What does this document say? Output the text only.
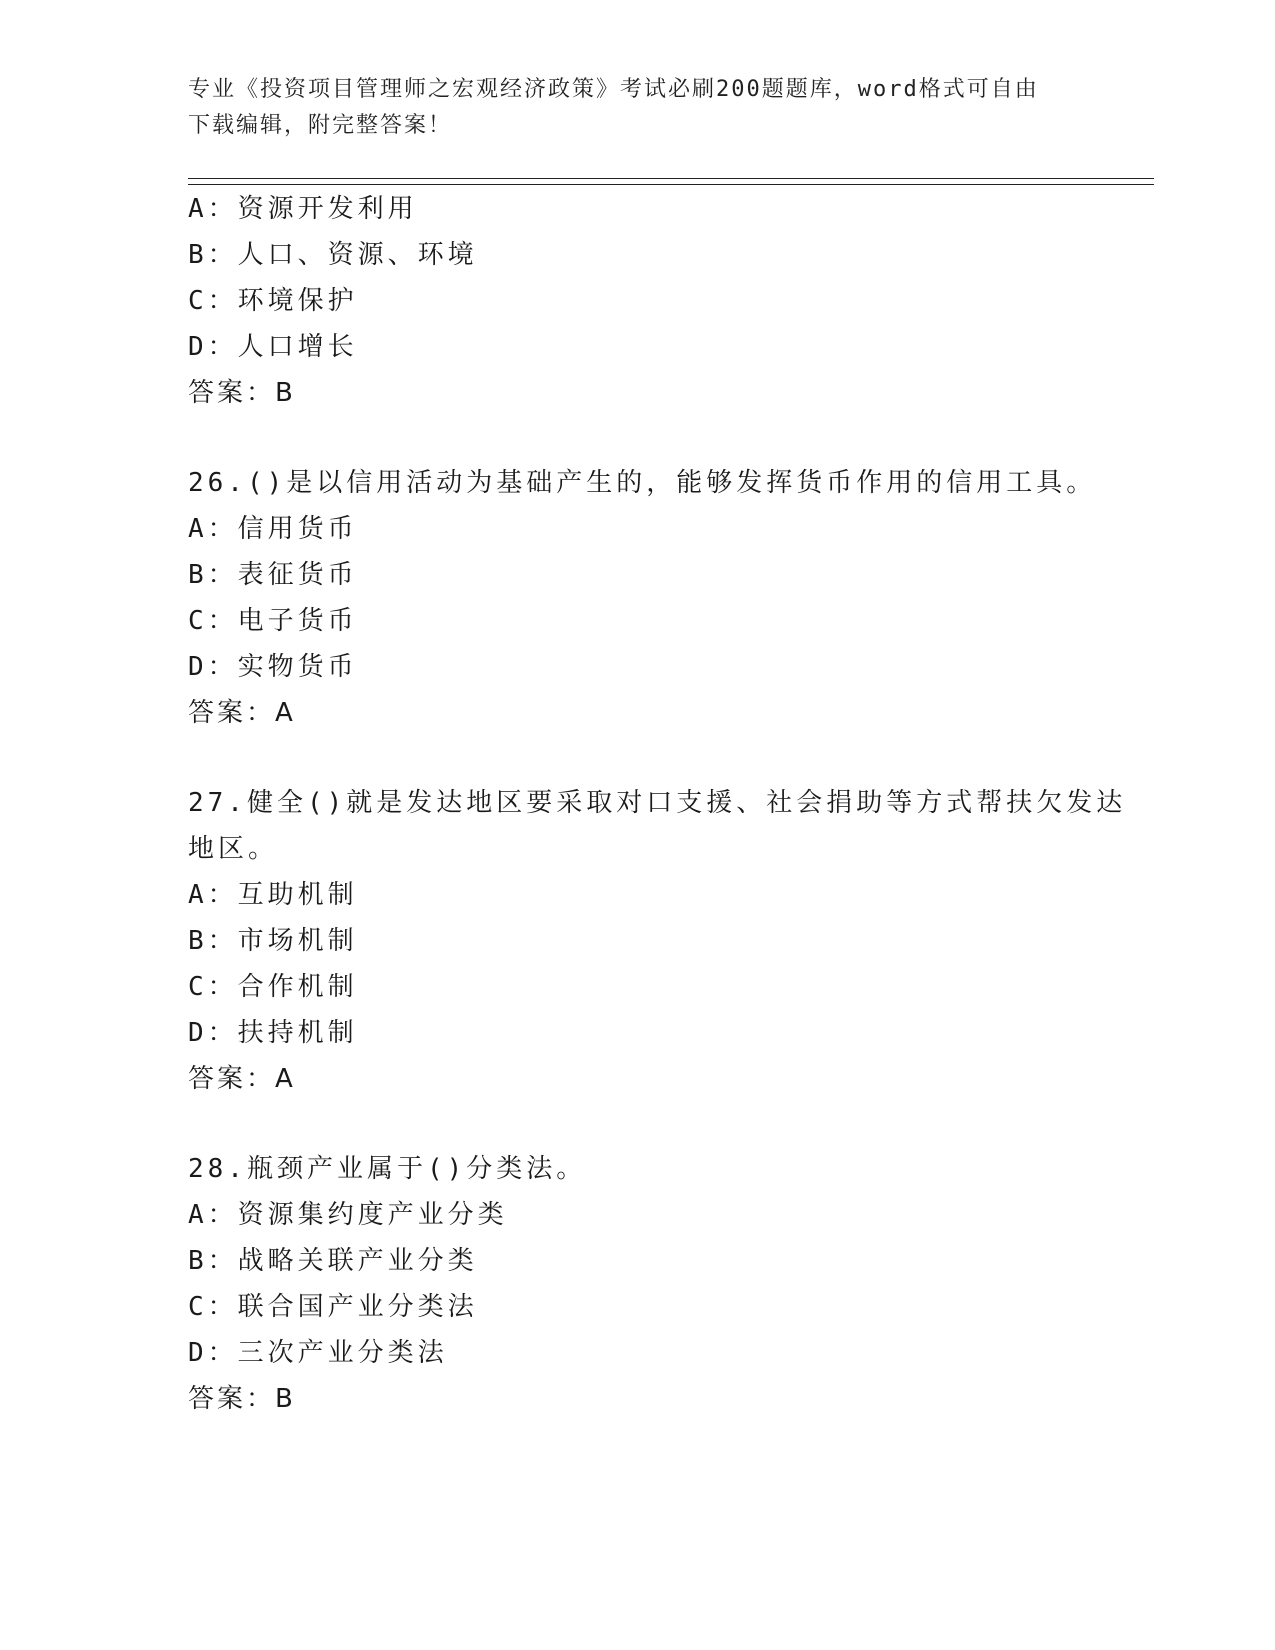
专业《投资项目管理师之宏观经济政策》考试必刷200题题库，word格式可自由
下载编辑，附完整答案！
A：资源开发利用
B：人口、资源、环境
C：环境保护
D：人口增长
答案：B
26.()是以信用活动为基础产生的，能够发挥货币作用的信用工具。
A：信用货币
B：表征货币
C：电子货币
D：实物货币
答案：A
27.健全()就是发达地区要采取对口支援、社会捐助等方式帮扶欠发达
地区。
A：互助机制
B：市场机制
C：合作机制
D：扶持机制
答案：A
28.瓶颈产业属于()分类法。
A：资源集约度产业分类
B：战略关联产业分类
C：联合国产业分类法
D：三次产业分类法
答案：B
